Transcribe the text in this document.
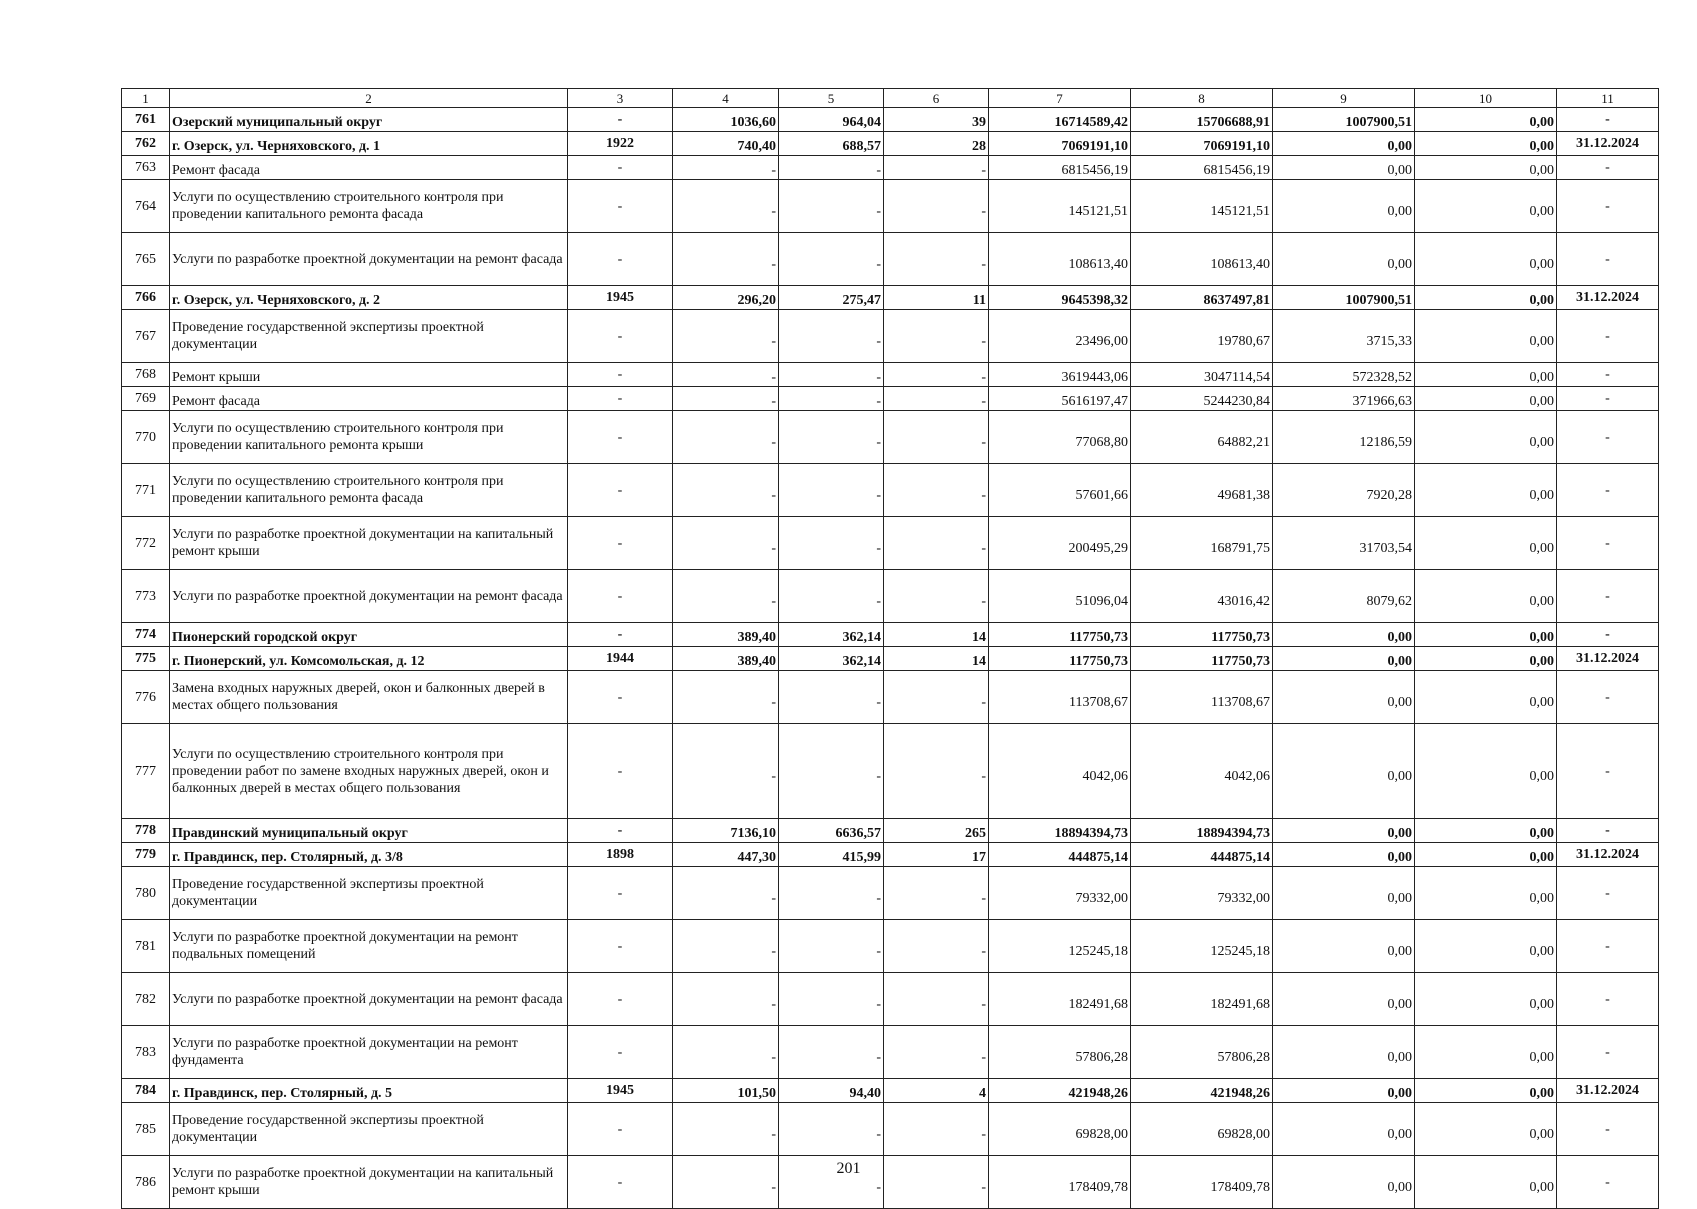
1	2	3	4	5	6	7	8	9	10	11
761	Озерский муниципальный округ	-	1036,60	964,04	39	16714589,42	15706688,91	1007900,51	0,00	-
762	г. Озерск, ул. Черняховского, д. 1	1922	740,40	688,57	28	7069191,10	7069191,10	0,00	0,00	31.12.2024
763	Ремонт фасада	-	-	-	-	6815456,19	6815456,19	0,00	0,00	-
764	Услуги по осуществлению строительного контроля при проведении капитального ремонта фасада	-	-	-	-	145121,51	145121,51	0,00	0,00	-
765	Услуги по разработке проектной документации на ремонт фасада	-	-	-	-	108613,40	108613,40	0,00	0,00	-
766	г. Озерск, ул. Черняховского, д. 2	1945	296,20	275,47	11	9645398,32	8637497,81	1007900,51	0,00	31.12.2024
767	Проведение государственной экспертизы проектной документации	-	-	-	-	23496,00	19780,67	3715,33	0,00	-
768	Ремонт крыши	-	-	-	-	3619443,06	3047114,54	572328,52	0,00	-
769	Ремонт фасада	-	-	-	-	5616197,47	5244230,84	371966,63	0,00	-
770	Услуги по осуществлению строительного контроля при проведении капитального ремонта крыши	-	-	-	-	77068,80	64882,21	12186,59	0,00	-
771	Услуги по осуществлению строительного контроля при проведении капитального ремонта фасада	-	-	-	-	57601,66	49681,38	7920,28	0,00	-
772	Услуги по разработке проектной документации на капитальный ремонт крыши	-	-	-	-	200495,29	168791,75	31703,54	0,00	-
773	Услуги по разработке проектной документации на ремонт фасада	-	-	-	-	51096,04	43016,42	8079,62	0,00	-
774	Пионерский городской округ	-	389,40	362,14	14	117750,73	117750,73	0,00	0,00	-
775	г. Пионерский, ул. Комсомольская, д. 12	1944	389,40	362,14	14	117750,73	117750,73	0,00	0,00	31.12.2024
776	Замена входных наружных дверей, окон и балконных дверей в местах общего пользования	-	-	-	-	113708,67	113708,67	0,00	0,00	-
777	Услуги по осуществлению строительного контроля при проведении работ по замене входных наружных дверей, окон и балконных дверей в местах общего пользования	-	-	-	-	4042,06	4042,06	0,00	0,00	-
778	Правдинский муниципальный округ	-	7136,10	6636,57	265	18894394,73	18894394,73	0,00	0,00	-
779	г. Правдинск, пер. Столярный, д. 3/8	1898	447,30	415,99	17	444875,14	444875,14	0,00	0,00	31.12.2024
780	Проведение государственной экспертизы проектной документации	-	-	-	-	79332,00	79332,00	0,00	0,00	-
781	Услуги по разработке проектной документации на ремонт подвальных помещений	-	-	-	-	125245,18	125245,18	0,00	0,00	-
782	Услуги по разработке проектной документации на ремонт фасада	-	-	-	-	182491,68	182491,68	0,00	0,00	-
783	Услуги по разработке проектной документации на ремонт фундамента	-	-	-	-	57806,28	57806,28	0,00	0,00	-
784	г. Правдинск, пер. Столярный, д. 5	1945	101,50	94,40	4	421948,26	421948,26	0,00	0,00	31.12.2024
785	Проведение государственной экспертизы проектной документации	-	-	-	-	69828,00	69828,00	0,00	0,00	-
786	Услуги по разработке проектной документации на капитальный ремонт крыши	-	-	-	-	178409,78	178409,78	0,00	0,00	-
201
